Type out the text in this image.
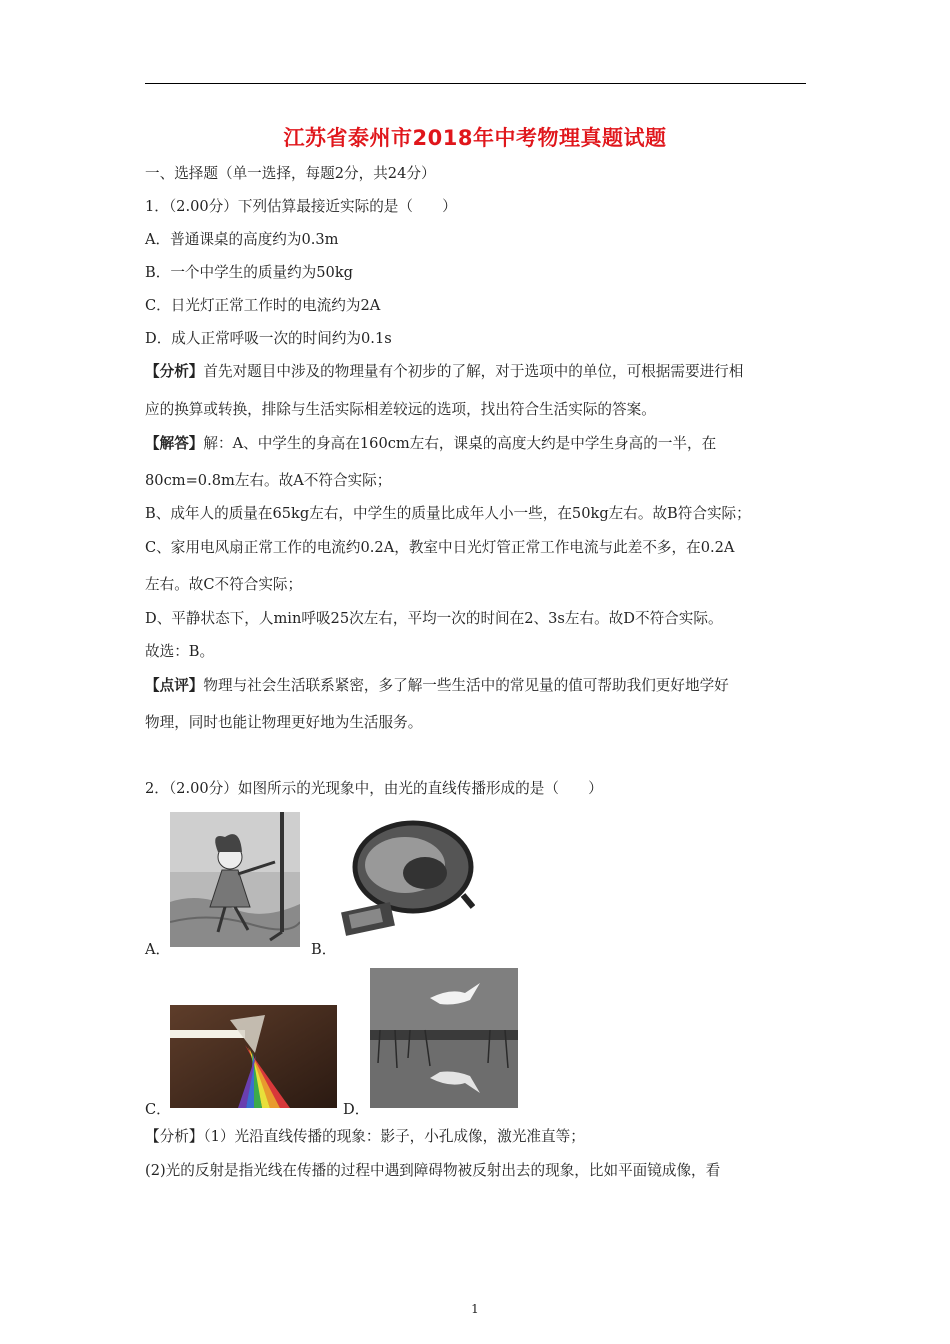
江苏省泰州市2018年中考物理真题试题
一、选择题（单一选择，每题2分，共24分）
1．（2.00分）下列估算最接近实际的是（　　）
A．普通课桌的高度约为0.3m
B．一个中学生的质量约为50kg
C．日光灯正常工作时的电流约为2A
D．成人正常呼吸一次的时间约为0.1s
【分析】首先对题目中涉及的物理量有个初步的了解，对于选项中的单位，可根据需要进行相
应的换算或转换，排除与生活实际相差较远的选项，找出符合生活实际的答案。
【解答】解：A、中学生的身高在160cm左右，课桌的高度大约是中学生身高的一半，在
80cm=0.8m左右。故A不符合实际；
B、成年人的质量在65kg左右，中学生的质量比成年人小一些，在50kg左右。故B符合实际；
C、家用电风扇正常工作的电流约0.2A，教室中日光灯管正常工作电流与此差不多，在0.2A
左右。故C不符合实际；
D、平静状态下，人min呼吸25次左右，平均一次的时间在2、3s左右。故D不符合实际。
故选：B。
【点评】物理与社会生活联系紧密，多了解一些生活中的常见量的值可帮助我们更好地学好
物理，同时也能让物理更好地为生活服务。
2．（2.00分）如图所示的光现象中，由光的直线传播形成的是（　　）
A．	B．
C．	D．
【分析】（1）光沿直线传播的现象：影子，小孔成像，激光准直等；
(2)光的反射是指光线在传播的过程中遇到障碍物被反射出去的现象，比如平面镜成像，看
1
